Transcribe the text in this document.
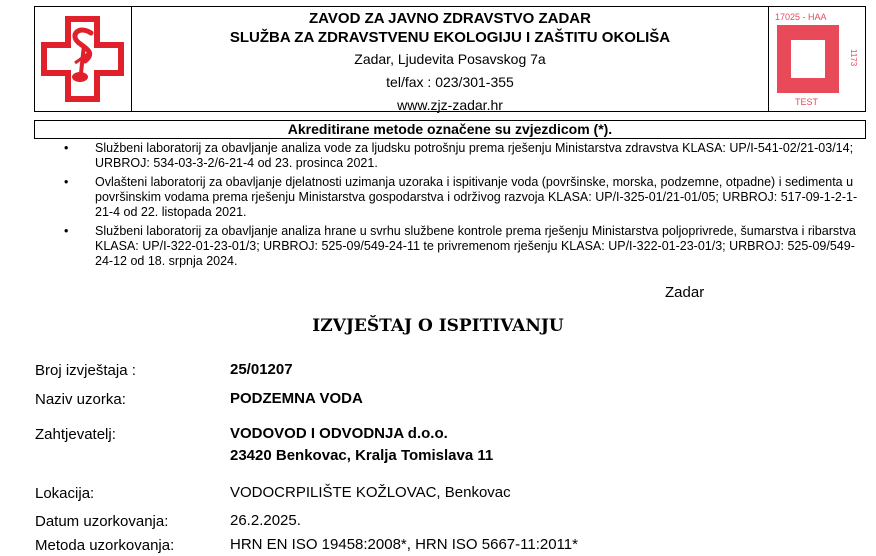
ZAVOD ZA JAVNO ZDRAVSTVO ZADAR
SLUŽBA ZA ZDRAVSTVENU EKOLOGIJU I ZAŠTITU OKOLIŠA
Zadar, Ljudevita Posavskog 7a
tel/fax : 023/301-355
www.zjz-zadar.hr
17025 - HAA
1173
TEST
Akreditirane metode označene su zvjezdicom (*).
• Službeni laboratorij za obavljanje analiza vode za ljudsku potrošnju prema rješenju Ministarstva zdravstva KLASA: UP/I-541-02/21-03/14; URBROJ: 534-03-3-2/6-21-4 od 23. prosinca 2021.
• Ovlašteni laboratorij za obavljanje djelatnosti uzimanja uzoraka i ispitivanje voda (površinske, morska, podzemne, otpadne) i sedimenta u površinskim vodama prema rješenju Ministarstva gospodarstva i održivog razvoja KLASA: UP/I-325-01/21-01/05; URBROJ: 517-09-1-2-1-21-4 od 22. listopada 2021.
• Službeni laboratorij za obavljanje analiza hrane u svrhu službene kontrole prema rješenju Ministarstva poljoprivrede, šumarstva i ribarstva KLASA: UP/I-322-01-23-01/3; URBROJ: 525-09/549-24-11 te privremenom rješenju KLASA: UP/I-322-01-23-01/3; URBROJ: 525-09/549-24-12 od 18. srpnja 2024.
Zadar
IZVJEŠTAJ O ISPITIVANJU
Broj izvještaja :	25/01207
Naziv uzorka:	PODZEMNA VODA
Zahtjevatelj:	VODOVOD I ODVODNJA d.o.o.
23420 Benkovac, Kralja Tomislava 11
Lokacija:	VODOCRPILIŠTE KOŽLOVAC, Benkovac
Datum uzorkovanja:	26.2.2025.
Metoda uzorkovanja:	HRN EN ISO 19458:2008*, HRN ISO 5667-11:2011*
